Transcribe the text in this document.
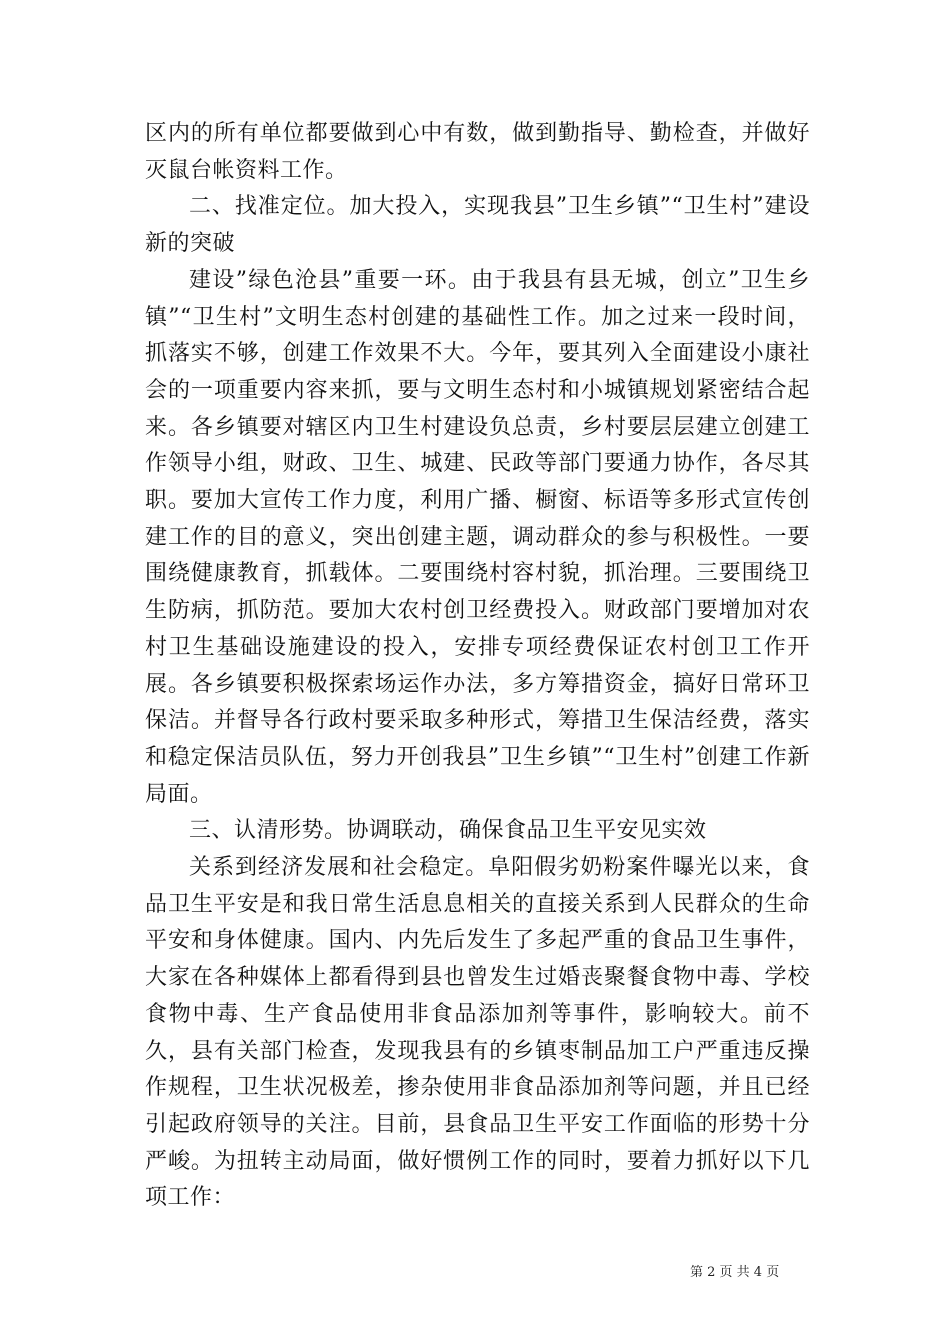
区内的所有单位都要做到心中有数，做到勤指导、勤检查，并做好灭鼠台帐资料工作。

二、找准定位。加大投入，实现我县”卫生乡镇”“卫生村”建设新的突破

建设”绿色沧县”重要一环。由于我县有县无城，创立”卫生乡镇”“卫生村”文明生态村创建的基础性工作。加之过来一段时间，抓落实不够，创建工作效果不大。今年，要其列入全面建设小康社会的一项重要内容来抓，要与文明生态村和小城镇规划紧密结合起来。各乡镇要对辖区内卫生村建设负总责，乡村要层层建立创建工作领导小组，财政、卫生、城建、民政等部门要通力协作，各尽其职。要加大宣传工作力度，利用广播、橱窗、标语等多形式宣传创建工作的目的意义，突出创建主题，调动群众的参与积极性。一要围绕健康教育，抓载体。二要围绕村容村貌，抓治理。三要围绕卫生防病，抓防范。要加大农村创卫经费投入。财政部门要增加对农村卫生基础设施建设的投入，安排专项经费保证农村创卫工作开展。各乡镇要积极探索场运作办法，多方筹措资金，搞好日常环卫保洁。并督导各行政村要采取多种形式，筹措卫生保洁经费，落实和稳定保洁员队伍，努力开创我县”卫生乡镇”“卫生村”创建工作新局面。

三、认清形势。协调联动，确保食品卫生平安见实效

关系到经济发展和社会稳定。阜阳假劣奶粉案件曝光以来，食品卫生平安是和我日常生活息息相关的直接关系到人民群众的生命平安和身体健康。国内、内先后发生了多起严重的食品卫生事件，大家在各种媒体上都看得到县也曾发生过婚丧聚餐食物中毒、学校食物中毒、生产食品使用非食品添加剂等事件，影响较大。前不久，县有关部门检查，发现我县有的乡镇枣制品加工户严重违反操作规程，卫生状况极差，掺杂使用非食品添加剂等问题，并且已经引起政府领导的关注。目前，县食品卫生平安工作面临的形势十分严峻。为扭转主动局面，做好惯例工作的同时，要着力抓好以下几项工作：

第 2 页 共 4 页
